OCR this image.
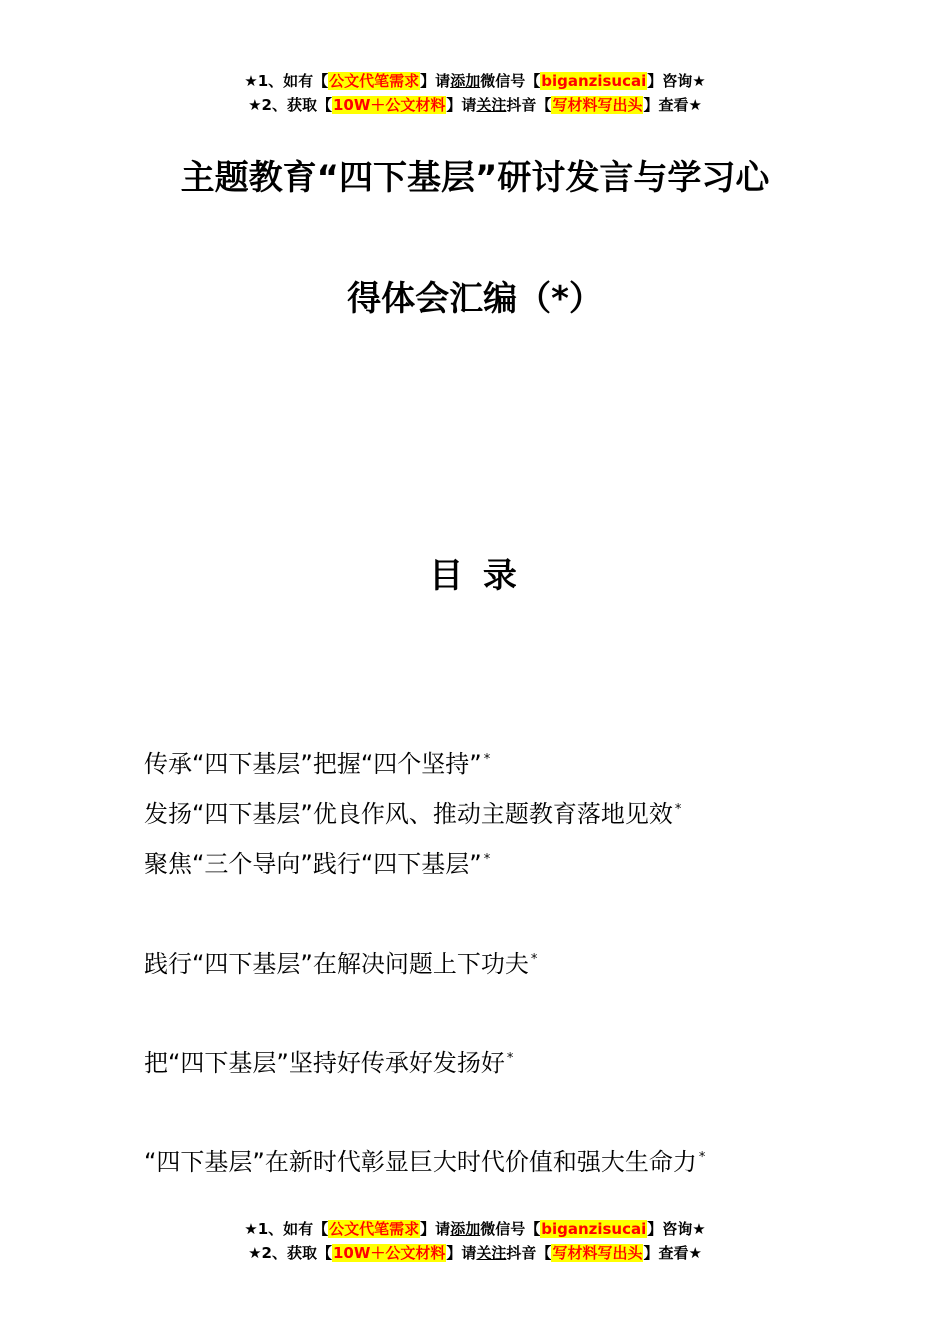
★1、如有【公文代笔需求】请添加微信号【biganzisucai】咨询★
★2、获取【10W＋公文材料】请关注抖音【写材料写出头】查看★
主题教育“四下基层”研讨发言与学习心
得体会汇编（*）
目 录
传承“四下基层”把握“四个坚持” *
发扬“四下基层”优良作风、推动主题教育落地见效 *
聚焦“三个导向”践行“四下基层” *
践行“四下基层”在解决问题上下功夫 *
把“四下基层”坚持好传承好发扬好 *
“四下基层”在新时代彰显巨大时代价值和强大生命力 *
★1、如有【公文代笔需求】请添加微信号【biganzisucai】咨询★
★2、获取【10W＋公文材料】请关注抖音【写材料写出头】查看★
